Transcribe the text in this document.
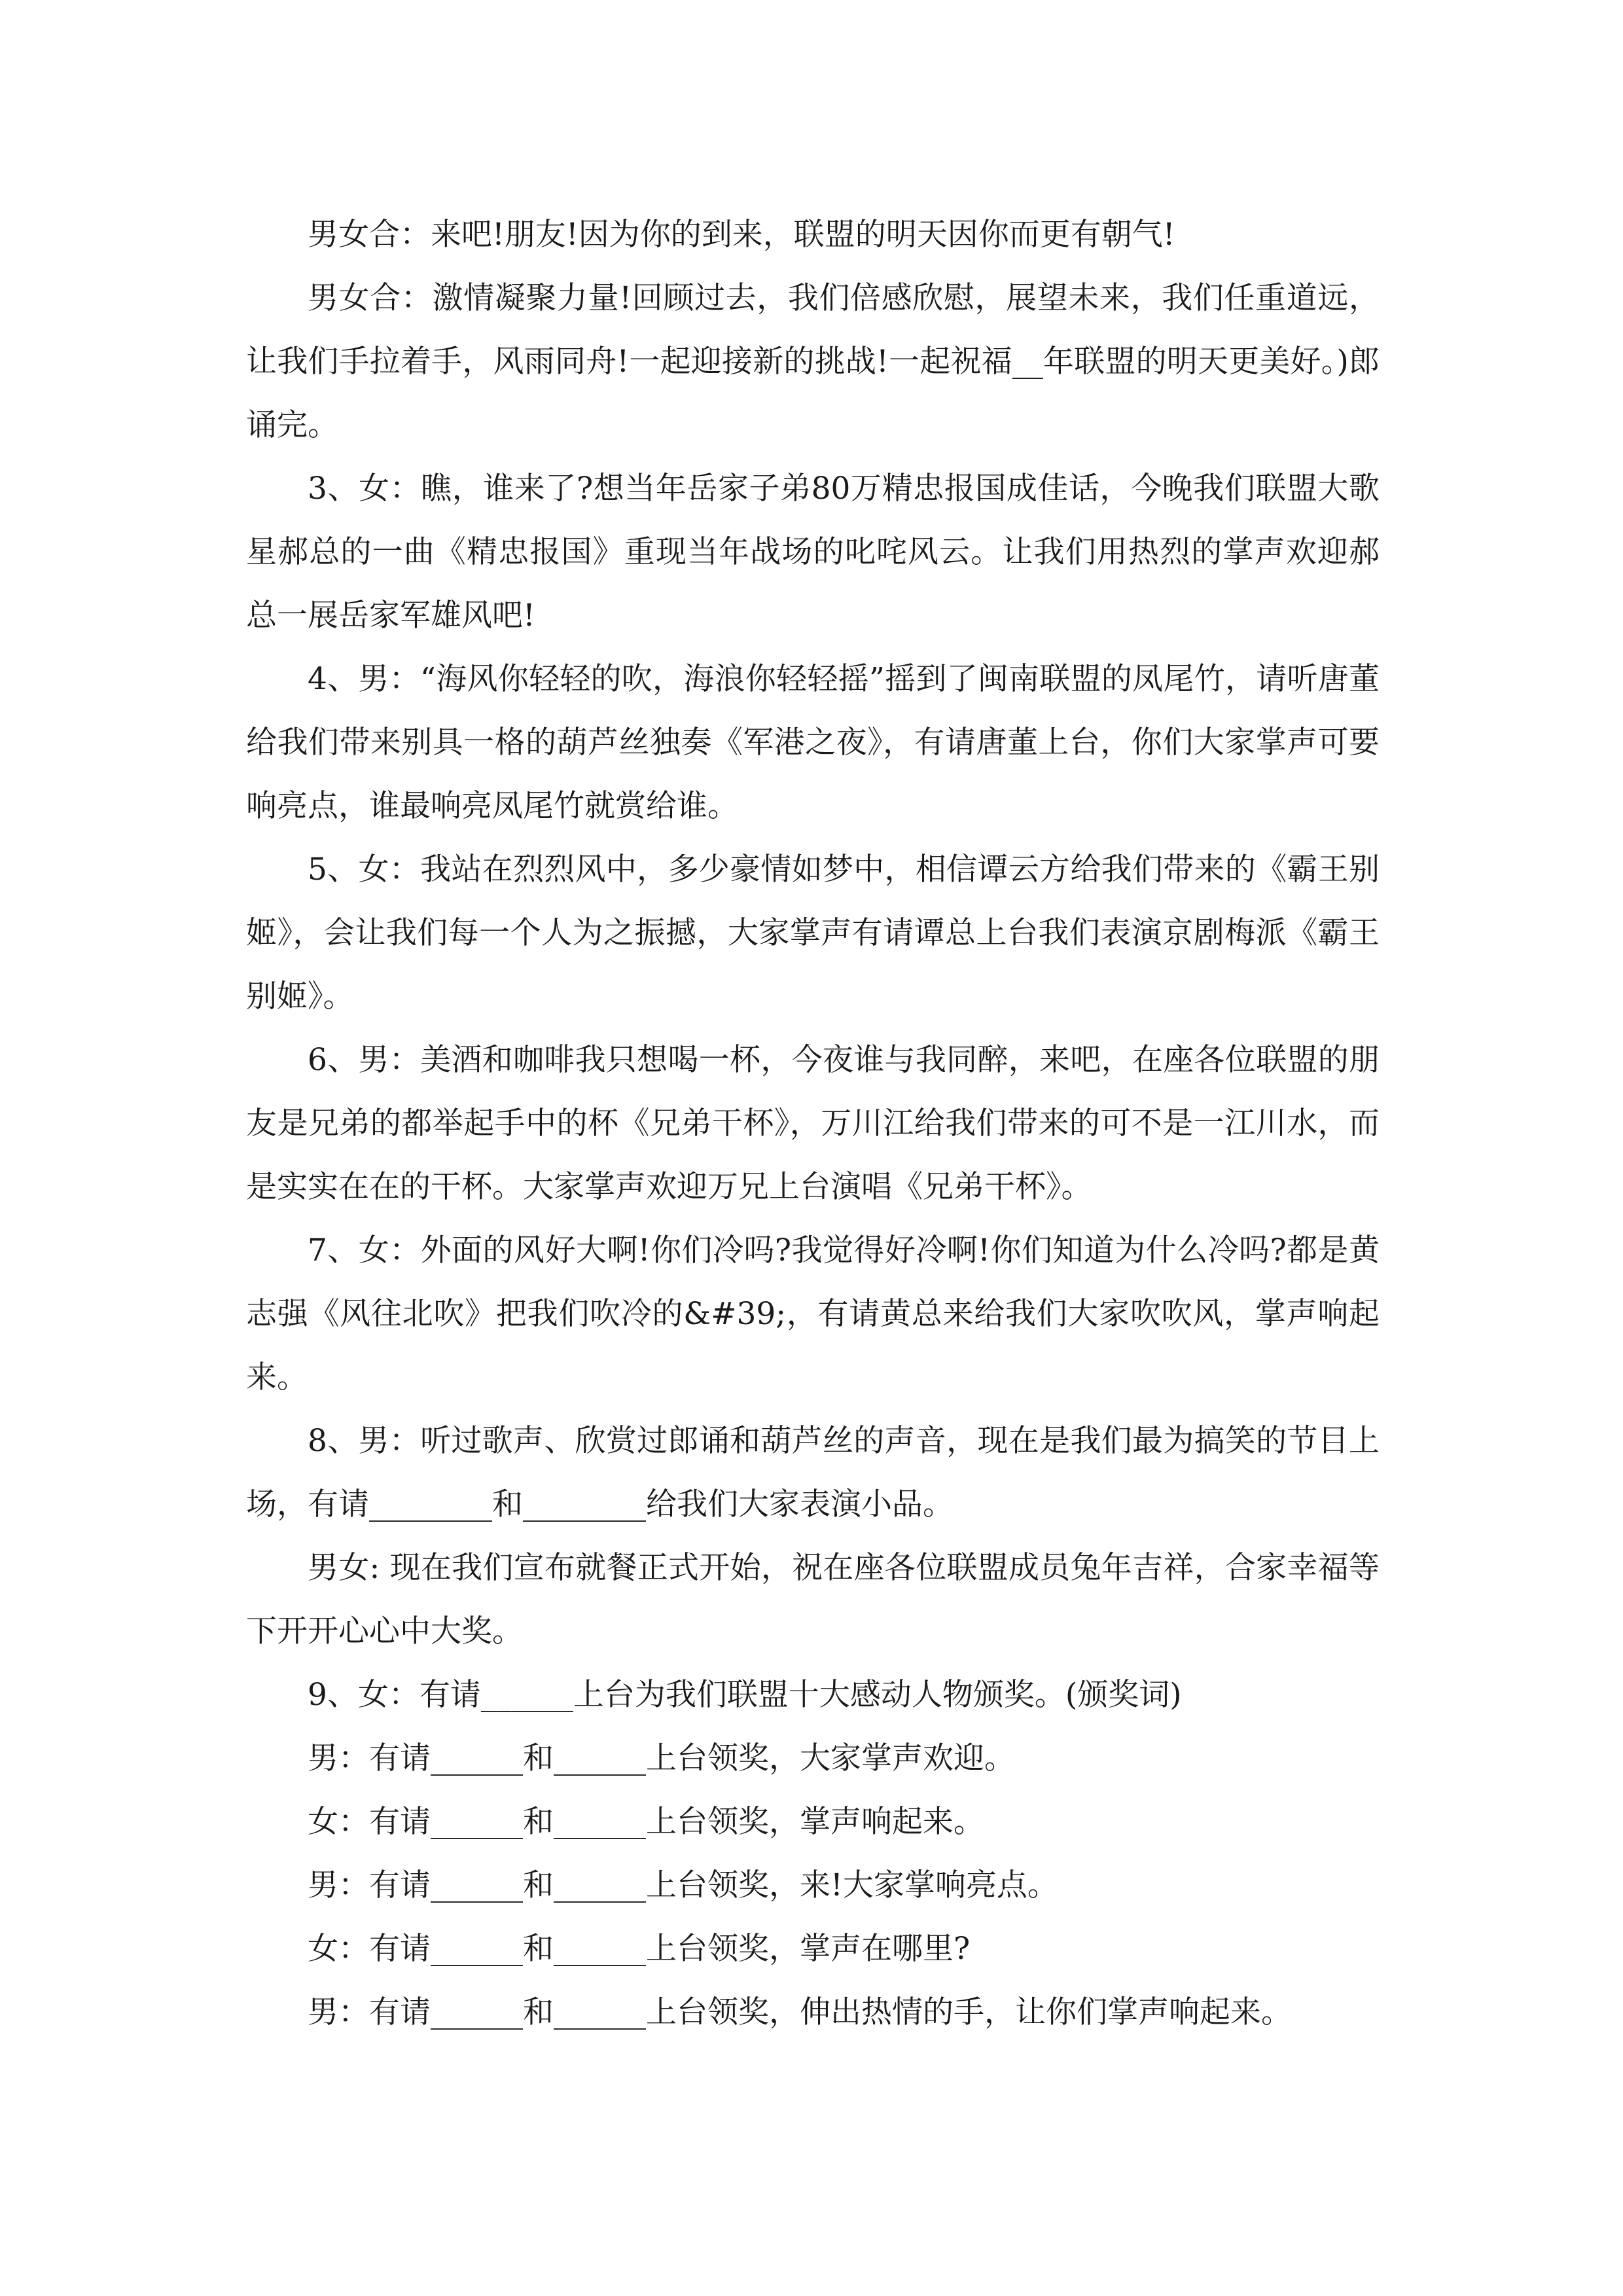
男女合：来吧!朋友!因为你的到来，联盟的明天因你而更有朝气!

男女合：激情凝聚力量!回顾过去，我们倍感欣慰，展望未来，我们任重道远，让我们手拉着手，风雨同舟!一起迎接新的挑战!一起祝福__年联盟的明天更美好。)郎诵完。

3、女：瞧，谁来了?想当年岳家子弟80万精忠报国成佳话，今晚我们联盟大歌星郝总的一曲《精忠报国》重现当年战场的叱咤风云。让我们用热烈的掌声欢迎郝总一展岳家军雄风吧!

4、男：“海风你轻轻的吹，海浪你轻轻摇”摇到了闽南联盟的凤尾竹，请听唐董给我们带来别具一格的葫芦丝独奏《军港之夜》，有请唐董上台，你们大家掌声可要响亮点，谁最响亮凤尾竹就赏给谁。

5、女：我站在烈烈风中，多少豪情如梦中，相信谭云方给我们带来的《霸王别姬》，会让我们每一个人为之振撼，大家掌声有请谭总上台我们表演京剧梅派《霸王别姬》。

6、男：美酒和咖啡我只想喝一杯，今夜谁与我同醉，来吧，在座各位联盟的朋友是兄弟的都举起手中的杯《兄弟干杯》，万川江给我们带来的可不是一江川水，而是实实在在的干杯。大家掌声欢迎万兄上台演唱《兄弟干杯》。

7、女：外面的风好大啊!你们冷吗?我觉得好冷啊!你们知道为什么冷吗?都是黄志强《风往北吹》把我们吹冷的&#39;，有请黄总来给我们大家吹吹风，掌声响起来。

8、男：听过歌声、欣赏过郎诵和葫芦丝的声音，现在是我们最为搞笑的节目上场，有请________和________给我们大家表演小品。

男女: 现在我们宣布就餐正式开始，祝在座各位联盟成员兔年吉祥，合家幸福等下开开心心中大奖。

9、女：有请______上台为我们联盟十大感动人物颁奖。(颁奖词)

男：有请______和______上台领奖，大家掌声欢迎。

女：有请______和______上台领奖，掌声响起来。

男：有请______和______上台领奖，来!大家掌响亮点。

女：有请______和______上台领奖，掌声在哪里?

男：有请______和______上台领奖，伸出热情的手，让你们掌声响起来。
